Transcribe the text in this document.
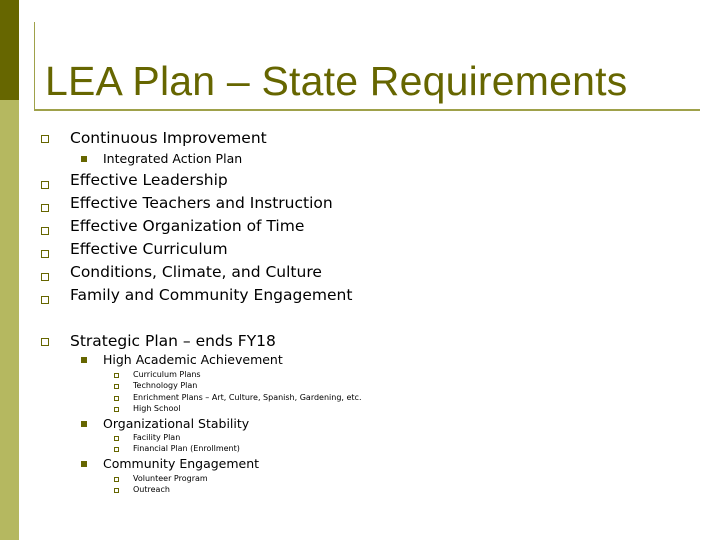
LEA Plan – State Requirements
Continuous Improvement
Integrated Action Plan
Effective Leadership
Effective Teachers and Instruction
Effective Organization of Time
Effective Curriculum
Conditions, Climate, and Culture
Family and Community Engagement
Strategic Plan – ends FY18
High Academic Achievement
Curriculum Plans
Technology Plan
Enrichment Plans – Art, Culture, Spanish, Gardening, etc.
High School
Organizational Stability
Facility Plan
Financial Plan (Enrollment)
Community Engagement
Volunteer Program
Outreach
